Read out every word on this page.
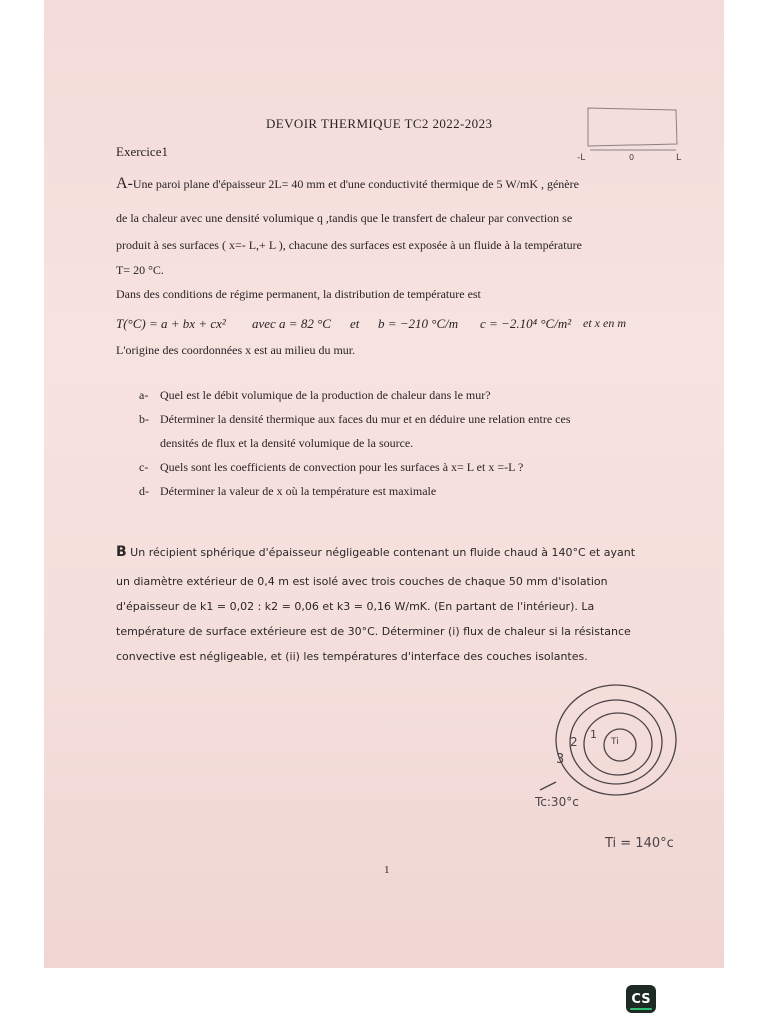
DEVOIR THERMIQUE TC2 2022-2023
Exercice1
A-Une paroi plane d'épaisseur 2L= 40 mm et d'une conductivité thermique de 5 W/mK , génère
de la chaleur avec une densité volumique q ,tandis que le transfert de chaleur par convection se
produit à ses surfaces ( x=- L,+ L ), chacune des surfaces est exposée à un fluide à la température
T= 20 °C.
Dans des conditions de régime permanent, la distribution de température est
T(°C) = a + bx + cx² avec a = 82 °C et b = −210 °C/m c = −2.10⁴ °C/m² et x en m
L'origine des coordonnées x est au milieu du mur.
a- Quel est le débit volumique de la production de chaleur dans le mur?
b- Déterminer la densité thermique aux faces du mur et en déduire une relation entre ces
densités de flux et la densité volumique de la source.
c- Quels sont les coefficients de convection pour les surfaces à x= L et x =-L ?
d- Déterminer la valeur de x où la température est maximale
B Un récipient sphérique d'épaisseur négligeable contenant un fluide chaud à 140°C et ayant
un diamètre extérieur de 0,4 m est isolé avec trois couches de chaque 50 mm d'isolation
d'épaisseur de k1 = 0,02 : k2 = 0,06 et k3 = 0,16 W/mK. (En partant de l'intérieur). La
température de surface extérieure est de 30°C. Déterminer (i) flux de chaleur si la résistance
convective est négligeable, et (ii) les températures d'interface des couches isolantes.
-L	0	L
1
2
3
Ti
Tc:30°c
Ti = 140°c
1
CS
